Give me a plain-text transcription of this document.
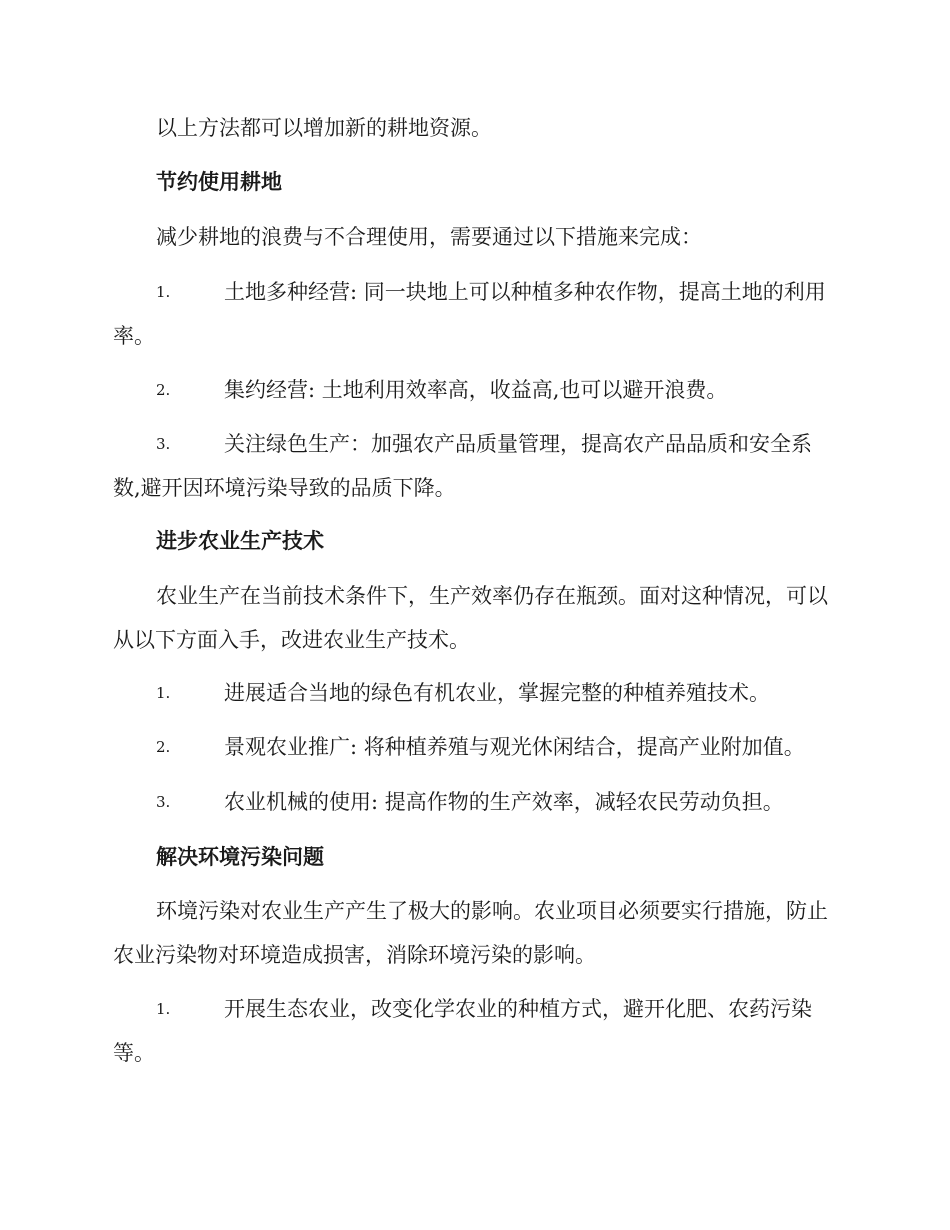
以上方法都可以增加新的耕地资源。
节约使用耕地
减少耕地的浪费与不合理使用，需要通过以下措施来完成：
1.	土地多种经营: 同一块地上可以种植多种农作物，提高土地的利用率。
2.	集约经营: 土地利用效率高，收益高,也可以避开浪费。
3.	关注绿色生产：加强农产品质量管理，提高农产品品质和安全系数,避开因环境污染导致的品质下降。
进步农业生产技术
农业生产在当前技术条件下，生产效率仍存在瓶颈。面对这种情况，可以从以下方面入手，改进农业生产技术。
1.	进展适合当地的绿色有机农业，掌握完整的种植养殖技术。
2.	景观农业推广: 将种植养殖与观光休闲结合，提高产业附加值。
3.	农业机械的使用: 提高作物的生产效率，减轻农民劳动负担。
解决环境污染问题
环境污染对农业生产产生了极大的影响。农业项目必须要实行措施，防止农业污染物对环境造成损害，消除环境污染的影响。
1.	开展生态农业，改变化学农业的种植方式，避开化肥、农药污染等。
